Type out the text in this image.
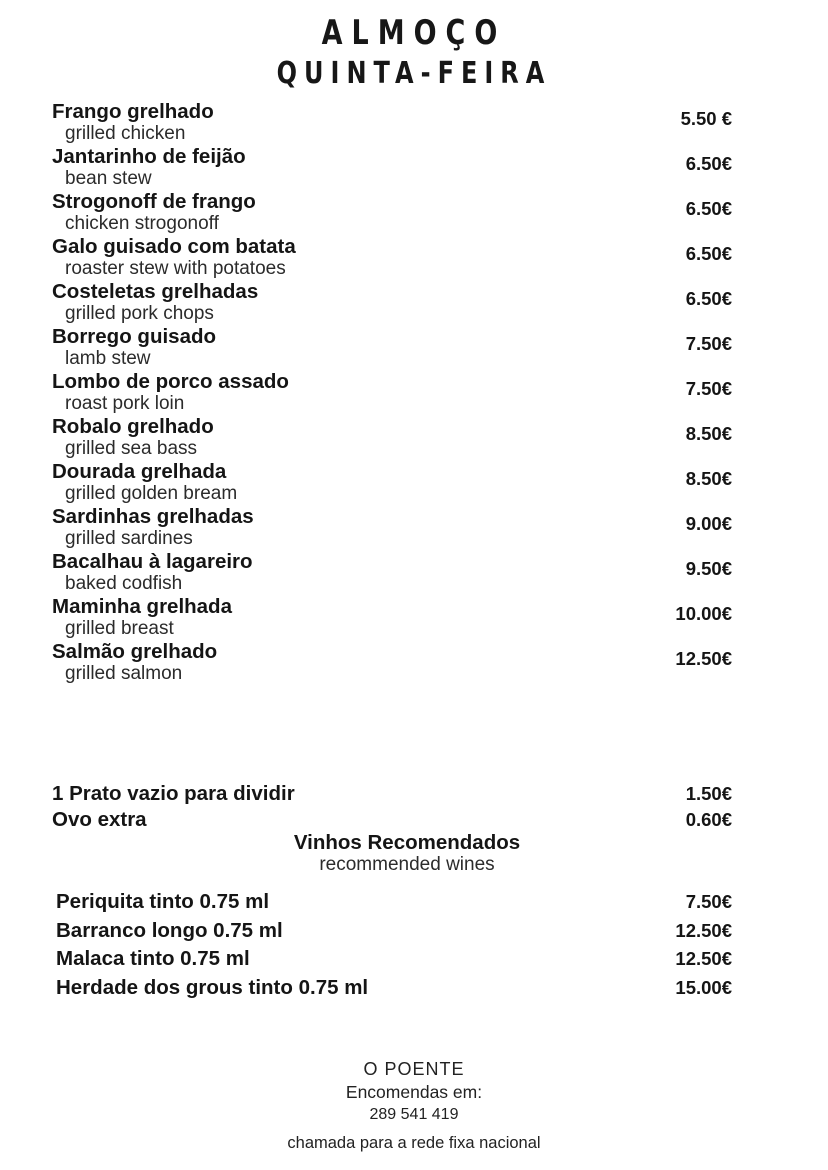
ALMOÇO
QUINTA-FEIRA
Frango grelhado
grilled chicken
5.50 €
Jantarinho de feijão
bean stew
6.50€
Strogonoff de frango
chicken strogonoff
6.50€
Galo guisado com batata
roaster stew with potatoes
6.50€
Costeletas grelhadas
grilled pork chops
6.50€
Borrego guisado
lamb stew
7.50€
Lombo de porco assado
roast pork loin
7.50€
Robalo grelhado
grilled sea bass
8.50€
Dourada grelhada
grilled golden bream
8.50€
Sardinhas grelhadas
grilled sardines
9.00€
Bacalhau à lagareiro
baked codfish
9.50€
Maminha grelhada
grilled breast
10.00€
Salmão grelhado
grilled salmon
12.50€
1 Prato vazio para dividir	1.50€
Ovo extra	0.60€
Vinhos Recomendados
recommended wines
Periquita tinto 0.75 ml	7.50€
Barranco longo 0.75 ml	12.50€
Malaca tinto 0.75 ml	12.50€
Herdade dos grous tinto 0.75 ml	15.00€
O POENTE
Encomendas em:
289 541 419
chamada para a rede fixa nacional
